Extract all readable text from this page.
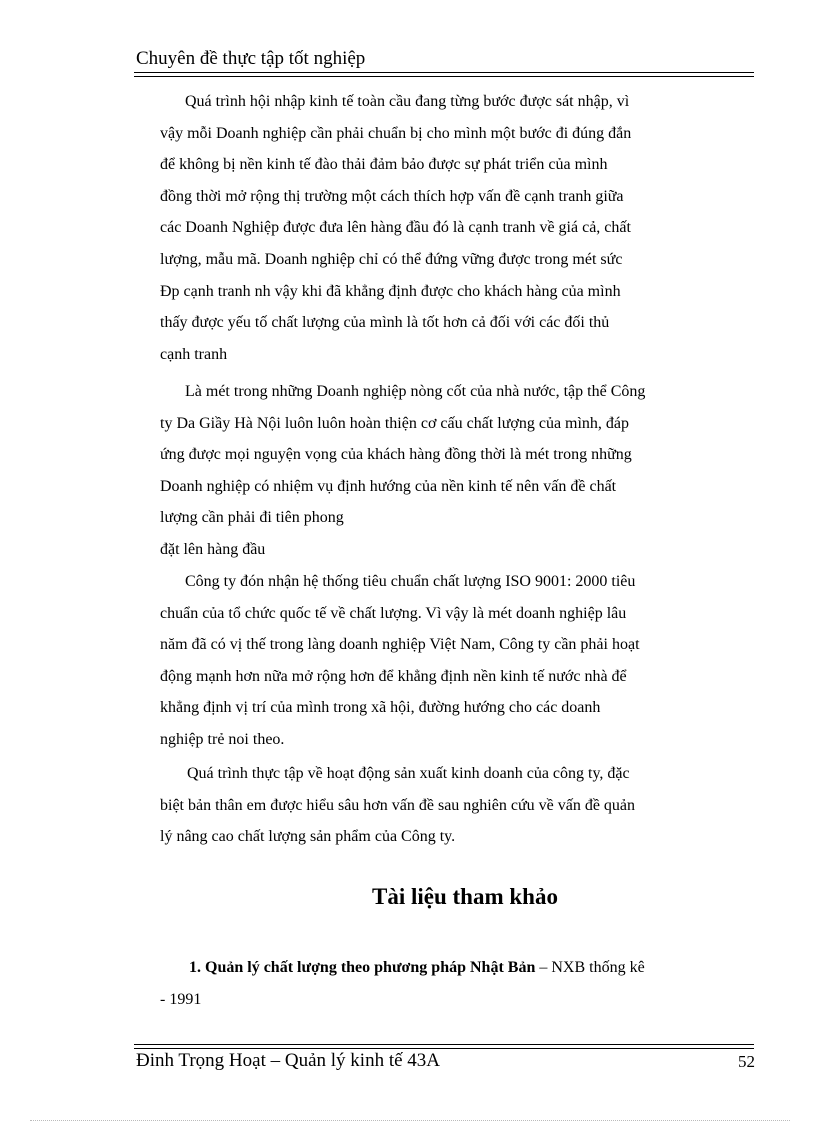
Chuyên đề thực tập tốt nghiệp
Quá trình hội nhập kinh tế toàn cầu đang từng bước được sát nhập, vì
vậy mỗi Doanh nghiệp cần phải chuẩn bị cho mình một bước đi đúng đắn
để không bị nền kinh tế đào thải đảm bảo được sự phát triển của mình
đồng thời mở rộng thị trường một cách thích hợp vấn đề cạnh tranh giữa
các Doanh Nghiệp được đưa lên hàng đầu đó là cạnh tranh về giá cả, chất
lượng, mẫu mã. Doanh nghiệp chỉ có thể đứng vững được trong mét sức
Ðp cạnh tranh nh vậy khi đã khẳng định được cho khách hàng của mình
thấy được yếu tố chất lượng của mình là tốt hơn cả đối với các đối thủ
cạnh tranh
Là mét trong những Doanh nghiệp nòng cốt của nhà nước, tập thể Công
ty Da Giầy Hà Nội luôn luôn hoàn thiện cơ cấu chất lượng của mình, đáp
ứng được mọi nguyện vọng của khách hàng đồng thời là mét trong những
Doanh nghiệp có nhiệm vụ định hướng của nền kinh tế nên vấn đề chất
lượng cần phải đi tiên phong
đặt lên hàng đầu
Công ty đón nhận hệ thống tiêu chuẩn chất lượng ISO 9001: 2000 tiêu
chuẩn của tổ chức quốc tế về chất lượng. Vì vậy là mét doanh nghiệp lâu
năm đã có vị thế trong làng doanh nghiệp Việt Nam, Công ty cần phải hoạt
động mạnh hơn nữa mở rộng hơn để khẳng định nền kinh tế nước nhà để
khẳng định vị trí của mình trong xã hội, đường hướng cho các doanh
nghiệp trẻ noi theo.
Quá trình thực tập về hoạt động sản xuất kinh doanh của công ty, đặc
biệt bản thân em được hiểu sâu hơn vấn đề sau nghiên cứu về vấn đề quản
lý nâng cao chất lượng sản phẩm của Công ty.
Tài liệu tham khảo
1. Quản lý chất lượng theo phương pháp Nhật Bản – NXB thống kê
- 1991
Đinh Trọng Hoạt – Quản lý kinh tế 43A	52
